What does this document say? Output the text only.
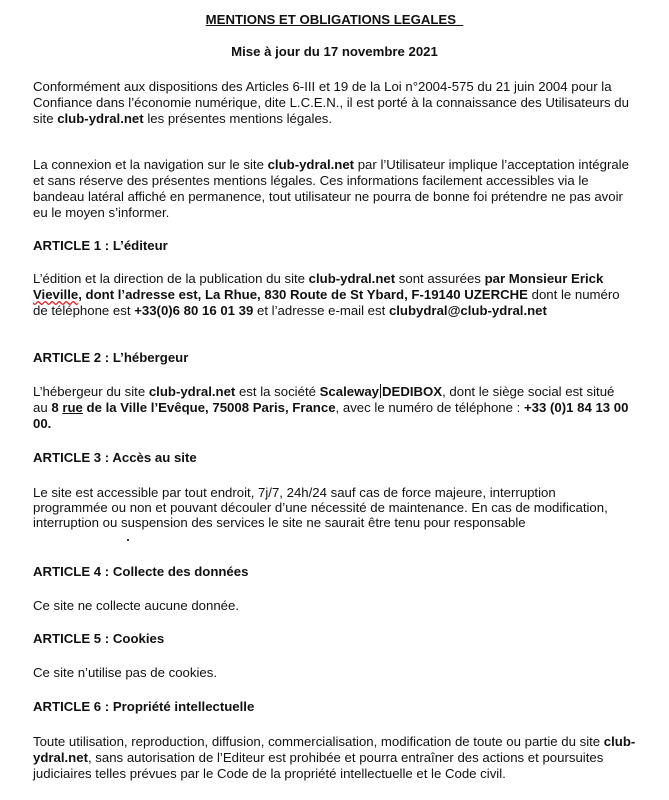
MENTIONS ET OBLIGATIONS LEGALES
Mise à jour du 17 novembre 2021
Conformément aux dispositions des Articles 6-III et 19 de la Loi n°2004-575 du 21 juin 2004 pour la
Confiance dans l’économie numérique, dite L.C.E.N., il est porté à la connaissance des Utilisateurs du
site club-ydral.net les présentes mentions légales.
La connexion et la navigation sur le site club-ydral.net par l’Utilisateur implique l’acceptation intégrale
et sans réserve des présentes mentions légales. Ces informations facilement accessibles via le
bandeau latéral affiché en permanence, tout utilisateur ne pourra de bonne foi prétendre ne pas avoir
eu le moyen s’informer.
ARTICLE 1 : L’éditeur
L’édition et la direction de la publication du site club-ydral.net sont assurées par Monsieur Erick
Vieville, dont l’adresse est, La Rhue, 830 Route de St Ybard, F-19140 UZERCHE dont le numéro
de téléphone est +33(0)6 80 16 01 39 et l’adresse e-mail est clubydral@club-ydral.net
ARTICLE 2 : L’hébergeur
L’hébergeur du site club-ydral.net est la société Scaleway DEDIBOX, dont le siège social est situé
au 8 rue de la Ville l’Evêque, 75008 Paris, France, avec le numéro de téléphone : +33 (0)1 84 13 00
00.
ARTICLE 3 : Accès au site
Le site est accessible par tout endroit, 7j/7, 24h/24 sauf cas de force majeure, interruption
programmée ou non et pouvant découler d’une nécessité de maintenance. En cas de modification,
interruption ou suspension des services le site ne saurait être tenu pour responsable
ARTICLE 4 : Collecte des données
Ce site ne collecte aucune donnée.
ARTICLE 5 : Cookies
Ce site n’utilise pas de cookies.
ARTICLE 6 : Propriété intellectuelle
Toute utilisation, reproduction, diffusion, commercialisation, modification de toute ou partie du site club-
ydral.net, sans autorisation de l’Editeur est prohibée et pourra entraîner des actions et poursuites
judiciaires telles prévues par le Code de la propriété intellectuelle et le Code civil.
